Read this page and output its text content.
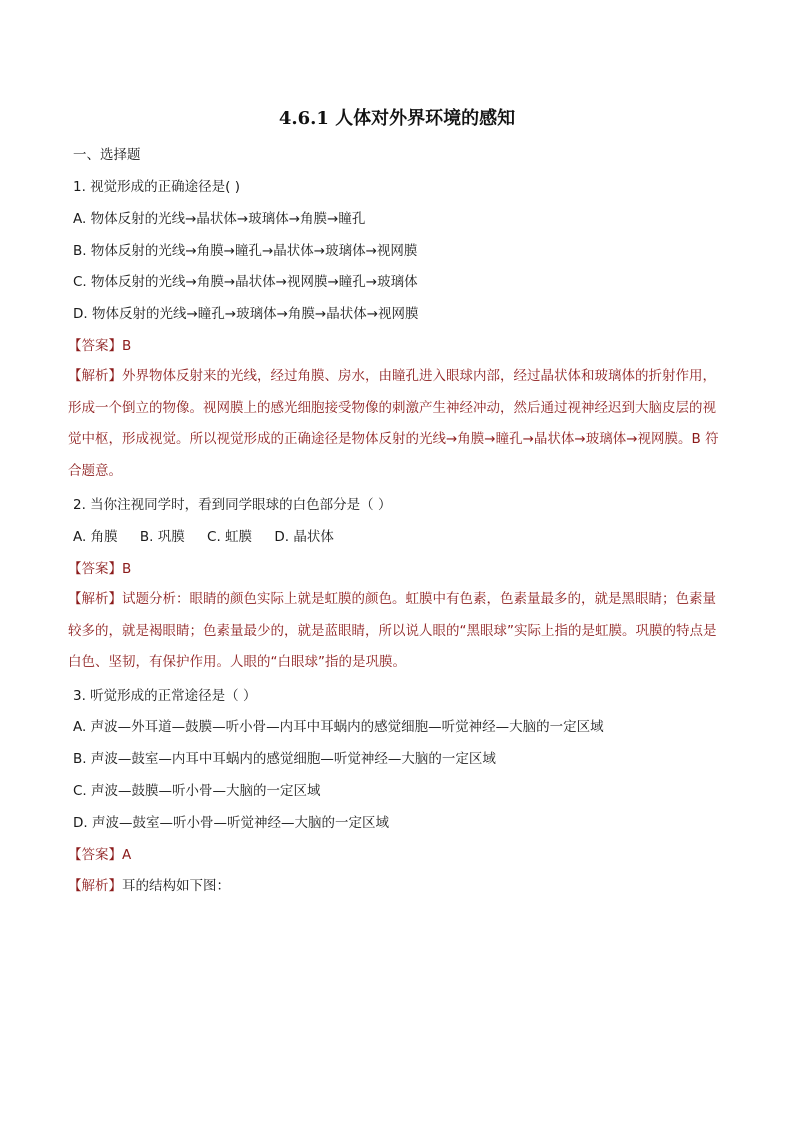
4.6.1 人体对外界环境的感知
一、选择题
1. 视觉形成的正确途径是( )
A. 物体反射的光线→晶状体→玻璃体→角膜→瞳孔
B. 物体反射的光线→角膜→瞳孔→晶状体→玻璃体→视网膜
C. 物体反射的光线→角膜→晶状体→视网膜→瞳孔→玻璃体
D. 物体反射的光线→瞳孔→玻璃体→角膜→晶状体→视网膜
【答案】B
【解析】外界物体反射来的光线，经过角膜、房水，由瞳孔进入眼球内部，经过晶状体和玻璃体的折射作用，形成一个倒立的物像。视网膜上的感光细胞接受物像的刺激产生神经冲动，然后通过视神经迟到大脑皮层的视觉中枢，形成视觉。所以视觉形成的正确途径是物体反射的光线→角膜→瞳孔→晶状体→玻璃体→视网膜。B 符合题意。
2. 当你注视同学时，看到同学眼球的白色部分是（ ）
A. 角膜 B. 巩膜 C. 虹膜 D. 晶状体
【答案】B
【解析】试题分析：眼睛的颜色实际上就是虹膜的颜色。虹膜中有色素，色素量最多的，就是黑眼睛；色素量较多的，就是褐眼睛；色素量最少的，就是蓝眼睛，所以说人眼的“黑眼球”实际上指的是虹膜。巩膜的特点是白色、坚韧，有保护作用。人眼的“白眼球”指的是巩膜。
3. 听觉形成的正常途径是（ ）
A. 声波—外耳道—鼓膜—听小骨—内耳中耳蜗内的感觉细胞—听觉神经—大脑的一定区域
B. 声波—鼓室—内耳中耳蜗内的感觉细胞—听觉神经—大脑的一定区域
C. 声波—鼓膜—听小骨—大脑的一定区域
D. 声波—鼓室—听小骨—听觉神经—大脑的一定区域
【答案】A
【解析】耳的结构如下图：
